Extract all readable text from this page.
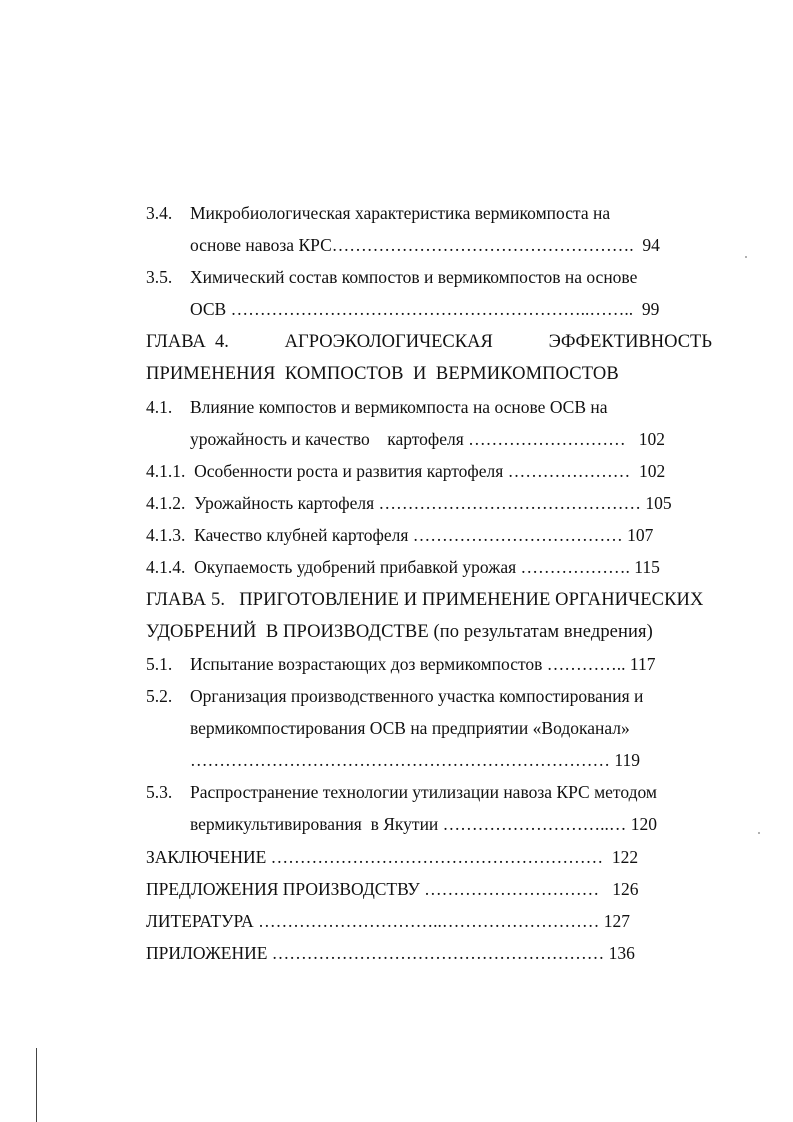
3.4. Микробиологическая характеристика вермикомпоста на
основе навоза КРС…………………………………………….  94
3.5. Химический состав компостов и вермикомпостов на основе
ОСВ ……………………………………………………..……..  99
ГЛАВА  4.	АГРОЭКОЛОГИЧЕСКАЯ	ЭФФЕКТИВНОСТЬ
ПРИМЕНЕНИЯ  КОМПОСТОВ  И  ВЕРМИКОМПОСТОВ
4.1. Влияние компостов и вермикомпоста на основе ОСВ на
урожайность и качество    картофеля ………………………   102
4.1.1.  Особенности роста и развития картофеля …………………  102
4.1.2.  Урожайность картофеля ……………………………………… 105
4.1.3.  Качество клубней картофеля ……………………………… 107
4.1.4.  Окупаемость удобрений прибавкой урожая ………………. 115
ГЛАВА 5.   ПРИГОТОВЛЕНИЕ И ПРИМЕНЕНИЕ ОРГАНИЧЕСКИХ
УДОБРЕНИЙ  В ПРОИЗВОДСТВЕ (по результатам внедрения)
5.1. Испытание возрастающих доз вермикомпостов ………….. 117
5.2. Организация производственного участка компостирования и
вермикомпостирования ОСВ на предприятии «Водоканал»
……………………………………………………………… 119
5.3. Распространение технологии утилизации навоза КРС методом
вермикультивирования  в Якутии ………………………..… 120
ЗАКЛЮЧЕНИЕ …………………………………………………  122
ПРЕДЛОЖЕНИЯ ПРОИЗВОДСТВУ …………………………   126
ЛИТЕРАТУРА …………………………..……………………… 127
ПРИЛОЖЕНИЕ ………………………………………………… 136
